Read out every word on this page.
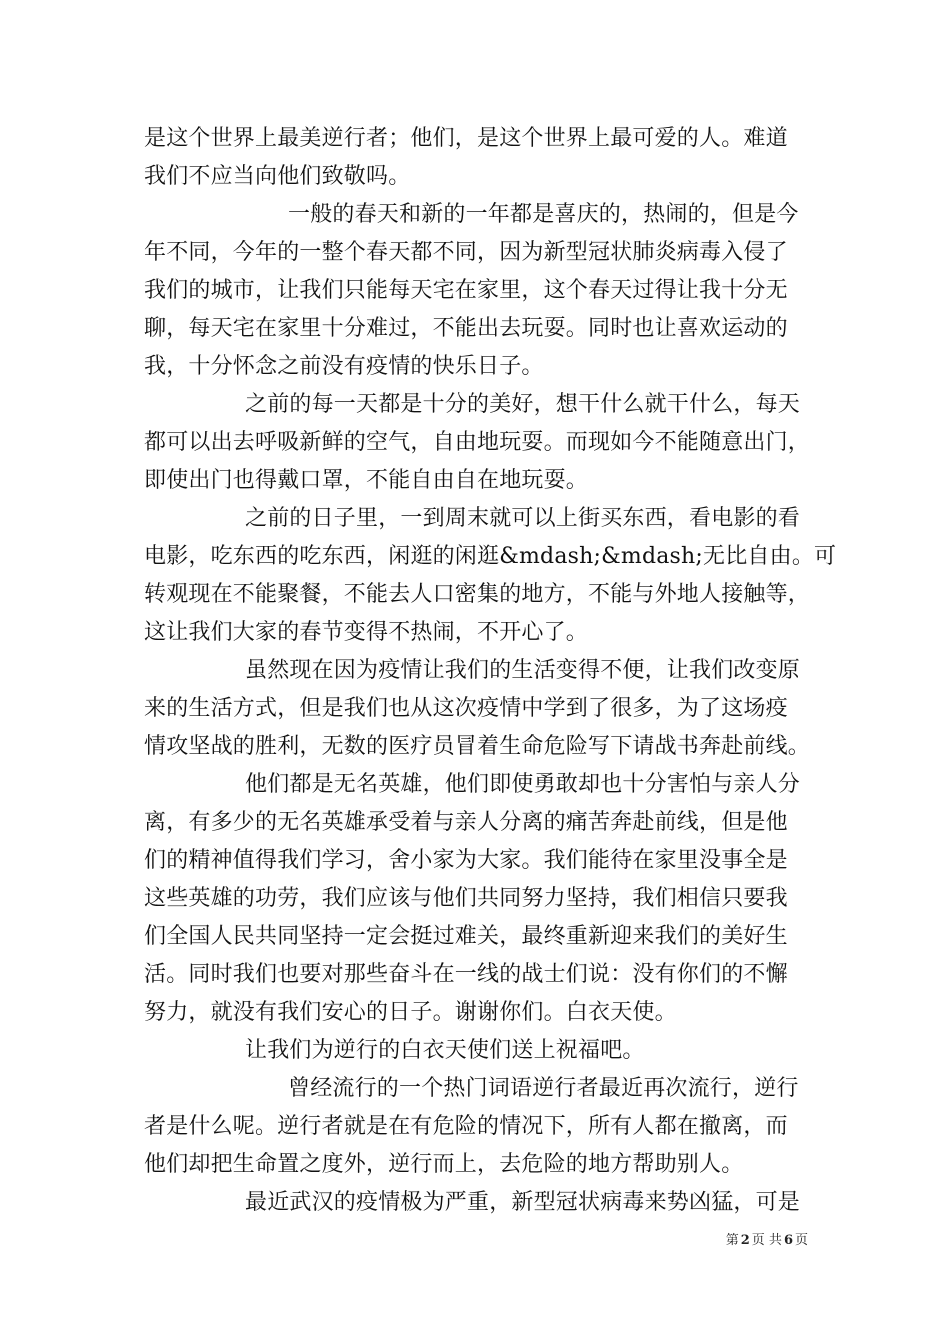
是这个世界上最美逆行者；他们，是这个世界上最可爱的人。难道
我们不应当向他们致敬吗。
一般的春天和新的一年都是喜庆的，热闹的，但是今
年不同，今年的一整个春天都不同，因为新型冠状肺炎病毒入侵了
我们的城市，让我们只能每天宅在家里，这个春天过得让我十分无
聊，每天宅在家里十分难过，不能出去玩耍。同时也让喜欢运动的
我，十分怀念之前没有疫情的快乐日子。
之前的每一天都是十分的美好，想干什么就干什么，每天
都可以出去呼吸新鲜的空气，自由地玩耍。而现如今不能随意出门，
即使出门也得戴口罩，不能自由自在地玩耍。
之前的日子里，一到周末就可以上街买东西，看电影的看
电影，吃东西的吃东西，闲逛的闲逛&mdash;&mdash;无比自由。可
转观现在不能聚餐，不能去人口密集的地方，不能与外地人接触等，
这让我们大家的春节变得不热闹，不开心了。
虽然现在因为疫情让我们的生活变得不便，让我们改变原
来的生活方式，但是我们也从这次疫情中学到了很多，为了这场疫
情攻坚战的胜利，无数的医疗员冒着生命危险写下请战书奔赴前线。
他们都是无名英雄，他们即使勇敢却也十分害怕与亲人分
离，有多少的无名英雄承受着与亲人分离的痛苦奔赴前线，但是他
们的精神值得我们学习，舍小家为大家。我们能待在家里没事全是
这些英雄的功劳，我们应该与他们共同努力坚持，我们相信只要我
们全国人民共同坚持一定会挺过难关，最终重新迎来我们的美好生
活。同时我们也要对那些奋斗在一线的战士们说：没有你们的不懈
努力，就没有我们安心的日子。谢谢你们。白衣天使。
让我们为逆行的白衣天使们送上祝福吧。
曾经流行的一个热门词语逆行者最近再次流行，逆行
者是什么呢。逆行者就是在有危险的情况下，所有人都在撤离，而
他们却把生命置之度外，逆行而上，去危险的地方帮助别人。
最近武汉的疫情极为严重，新型冠状病毒来势凶猛，可是
第 2 页 共 6 页
